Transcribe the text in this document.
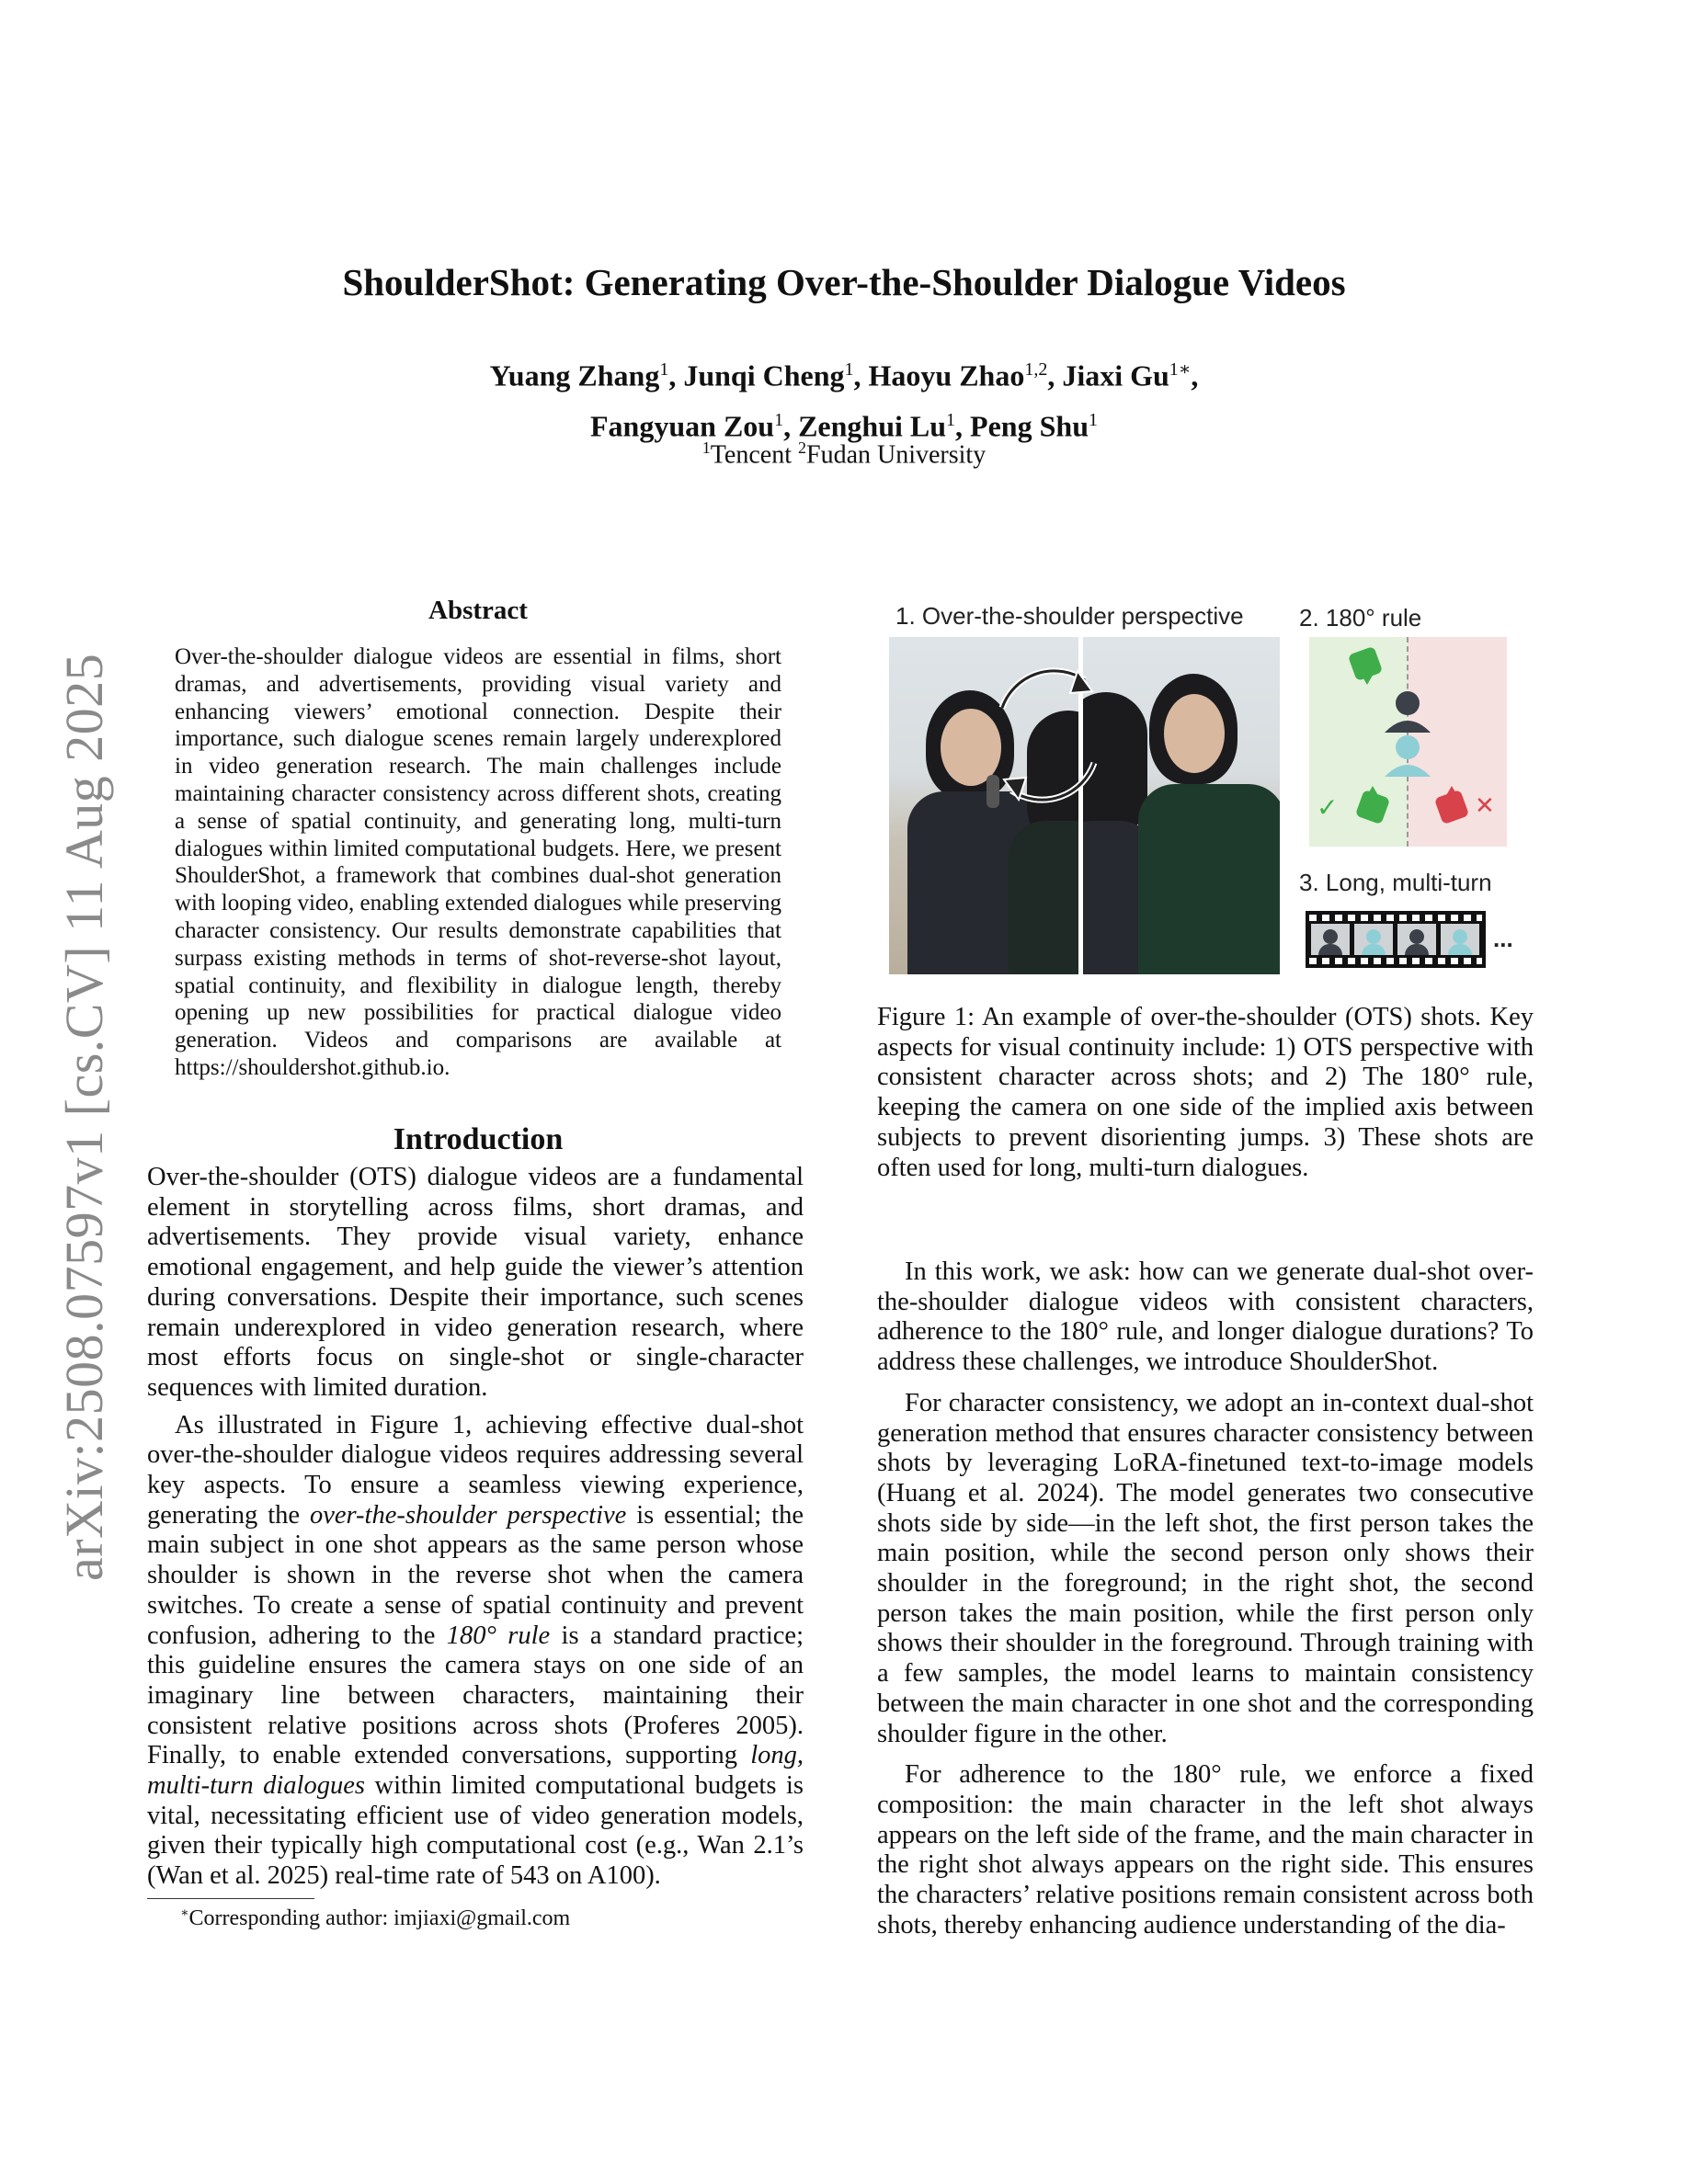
ShoulderShot: Generating Over-the-Shoulder Dialogue Videos
Yuang Zhang$^1$, Junqi Cheng$^1$, Haoyu Zhao$^{1,2}$, Jiaxi $Gu^{1∗}$,
Fangyuan Zou$^1$, Zenghui Lu$^1$, Peng Shu$^1$
$^1$Tencent $^2$Fudan University
arXiv:2508.07597v1 [cs.CV] 11 Aug 2025
Abstract
Over-the-shoulder dialogue videos are essential in films, short dramas, and advertisements, providing visual variety and enhancing viewers’ emotional connection. Despite their importance, such dialogue scenes remain largely underexplored in video generation research. The main challenges include maintaining character consistency across different shots, creating a sense of spatial continuity, and generating long, multi-turn dialogues within limited computational budgets. Here, we present ShoulderShot, a framework that combines dual-shot generation with looping video, enabling extended dialogues while preserving character consistency. Our results demonstrate capabilities that surpass existing methods in terms of shot-reverse-shot layout, spatial continuity, and flexibility in dialogue length, thereby opening up new possibilities for practical dialogue video generation. Videos and comparisons are available at https://shouldershot.github.io.
Introduction

Over-the-shoulder (OTS) dialogue videos are a fundamental element in storytelling across films, short dramas, and advertisements. They provide visual variety, enhance emotional engagement, and help guide the viewer’s attention during conversations. Despite their importance, such scenes remain underexplored in video generation research, where most efforts focus on single-shot or single-character sequences with limited duration.

As illustrated in Figure 1, achieving effective dual-shot over-the-shoulder dialogue videos requires addressing several key aspects. To ensure a seamless viewing experience, generating the over-the-shoulder perspective is essential; the main subject in one shot appears as the same person whose shoulder is shown in the reverse shot when the camera switches. To create a sense of spatial continuity and prevent confusion, adhering to the 180° rule is a standard practice; this guideline ensures the camera stays on one side of an imaginary line between characters, maintaining their consistent relative positions across shots (Proferes 2005). Finally, to enable extended conversations, supporting long, multi-turn dialogues within limited computational budgets is vital, necessitating efficient use of video generation models, given their typically high computational cost (e.g., Wan 2.1’s (Wan et al. 2025) real-time rate of 543 on A100).

∗Corresponding author: imjiaxi@gmail.com
1. Over-the-shoulder perspective 2. 180° rule
✓	✕
3. Long, multi-turn
...
Figure 1: An example of over-the-shoulder (OTS) shots. Key aspects for visual continuity include: 1) OTS perspective with consistent character across shots; and 2) The 180° rule, keeping the camera on one side of the implied axis between subjects to prevent disorienting jumps. 3) These shots are often used for long, multi-turn dialogues.

In this work, we ask: how can we generate dual-shot over-the-shoulder dialogue videos with consistent characters, adherence to the 180° rule, and longer dialogue durations? To address these challenges, we introduce ShoulderShot.

For character consistency, we adopt an in-context dual-shot generation method that ensures character consistency between shots by leveraging LoRA-finetuned text-to-image models (Huang et al. 2024). The model generates two consecutive shots side by side—in the left shot, the first person takes the main position, while the second person only shows their shoulder in the foreground; in the right shot, the second person takes the main position, while the first person only shows their shoulder in the foreground. Through training with a few samples, the model learns to maintain consistency between the main character in one shot and the corresponding shoulder figure in the other.

For adherence to the 180° rule, we enforce a fixed composition: the main character in the left shot always appears on the left side of the frame, and the main character in the right shot always appears on the right side. This ensures the characters’ relative positions remain consistent across both shots, thereby enhancing audience understanding of the dia-
